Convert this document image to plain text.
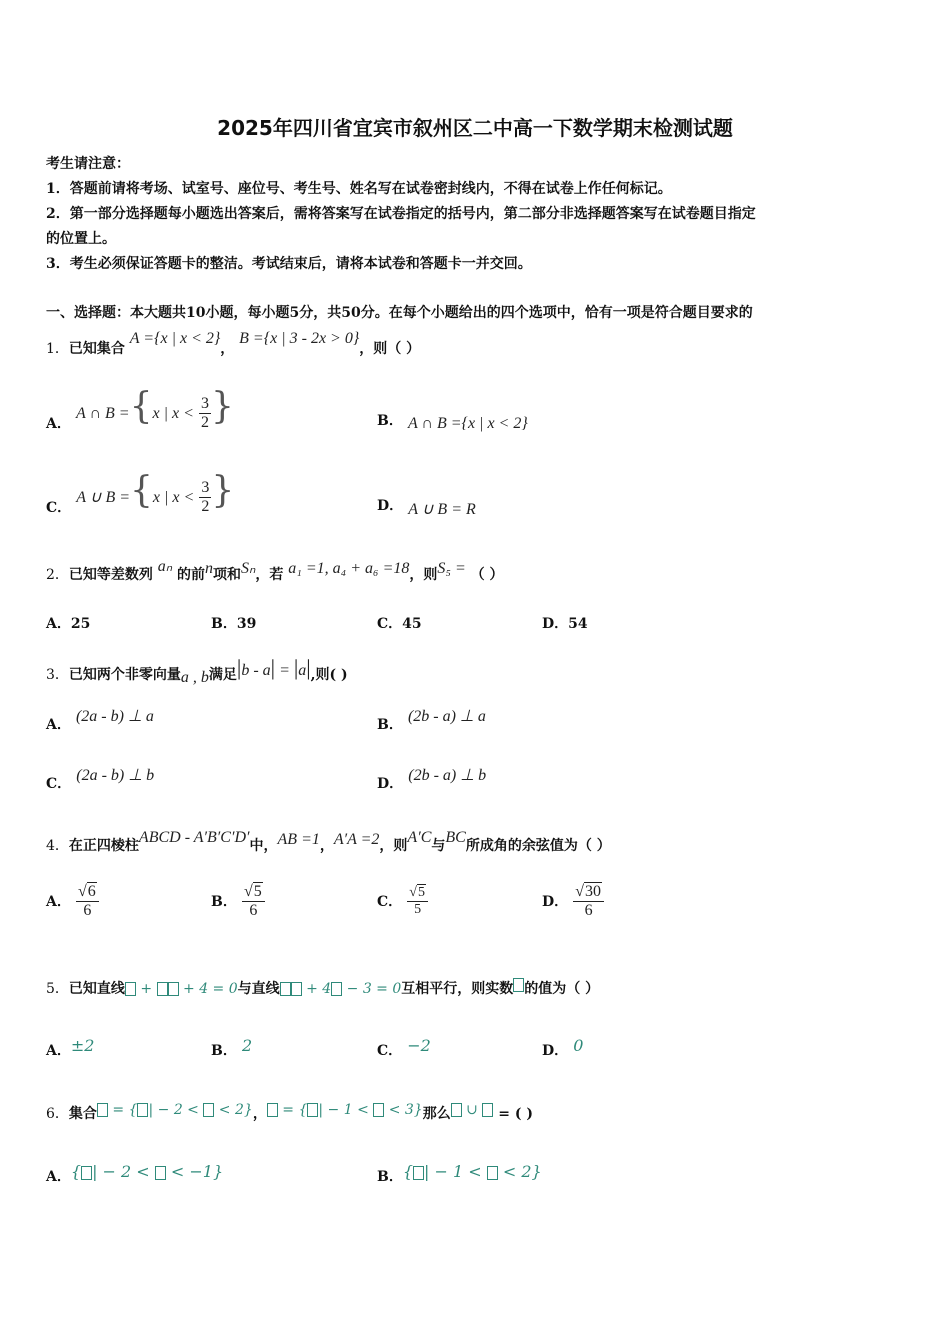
2025年四川省宜宾市叙州区二中高一下数学期末检测试题
考生请注意：
1．答题前请将考场、试室号、座位号、考生号、姓名写在试卷密封线内，不得在试卷上作任何标记。
2．第一部分选择题每小题选出答案后，需将答案写在试卷指定的括号内，第二部分非选择题答案写在试卷题目指定
的位置上。
3．考生必须保证答题卡的整洁。考试结束后，请将本试卷和答题卡一并交回。
一、选择题：本大题共10小题，每小题5分，共50分。在每个小题给出的四个选项中，恰有一项是符合题目要求的
1．已知集合 A ={x | x < 2}， B ={x | 3 - 2x > 0}，则（ ）
A． A ∩ B ={x | $x < \frac{3}{2}$ }	B． A ∩ B ={x | x < 2}
C． A ∪ B ={x | $x < \frac{3}{2}$ }	D． A ∪ B = R
2．已知等差数列 aₙ 的前n项和Sₙ，若 a₁ =1, a₄ + a₆ =18，则S₅ = （ ）
A．25	B．39	C．45	D．54
3．已知两个非零向量a , b满足|b - a| = |a|,则( )
A． (2a - b) ⊥ a	B． (2b - a) ⊥ a
C． (2a - b) ⊥ b	D． (2b - a) ⊥ b
4．在正四棱柱ABCD - A′B′C′D′中，AB =1，A′A =2，则A′C与BC所成角的余弦值为（ ）
A． $\frac{√6}{6}$	B． $\frac{√5}{6}$	C． $\frac{√5}{5}$	D． $\frac{√30}{6}$
5．已知直线 +  + 4 = 0与直线 + 4 − 3 = 0互相平行，则实数 的值为（ ）
A．±2	B． 2	C． −2	D． 0
6．集合 = { | − 2 <  < 2}， = { | − 1 <  < 3}那么 ∪  = ( )
A．{ | − 2 <  < −1}	B．{ | − 1 <  < 2}
